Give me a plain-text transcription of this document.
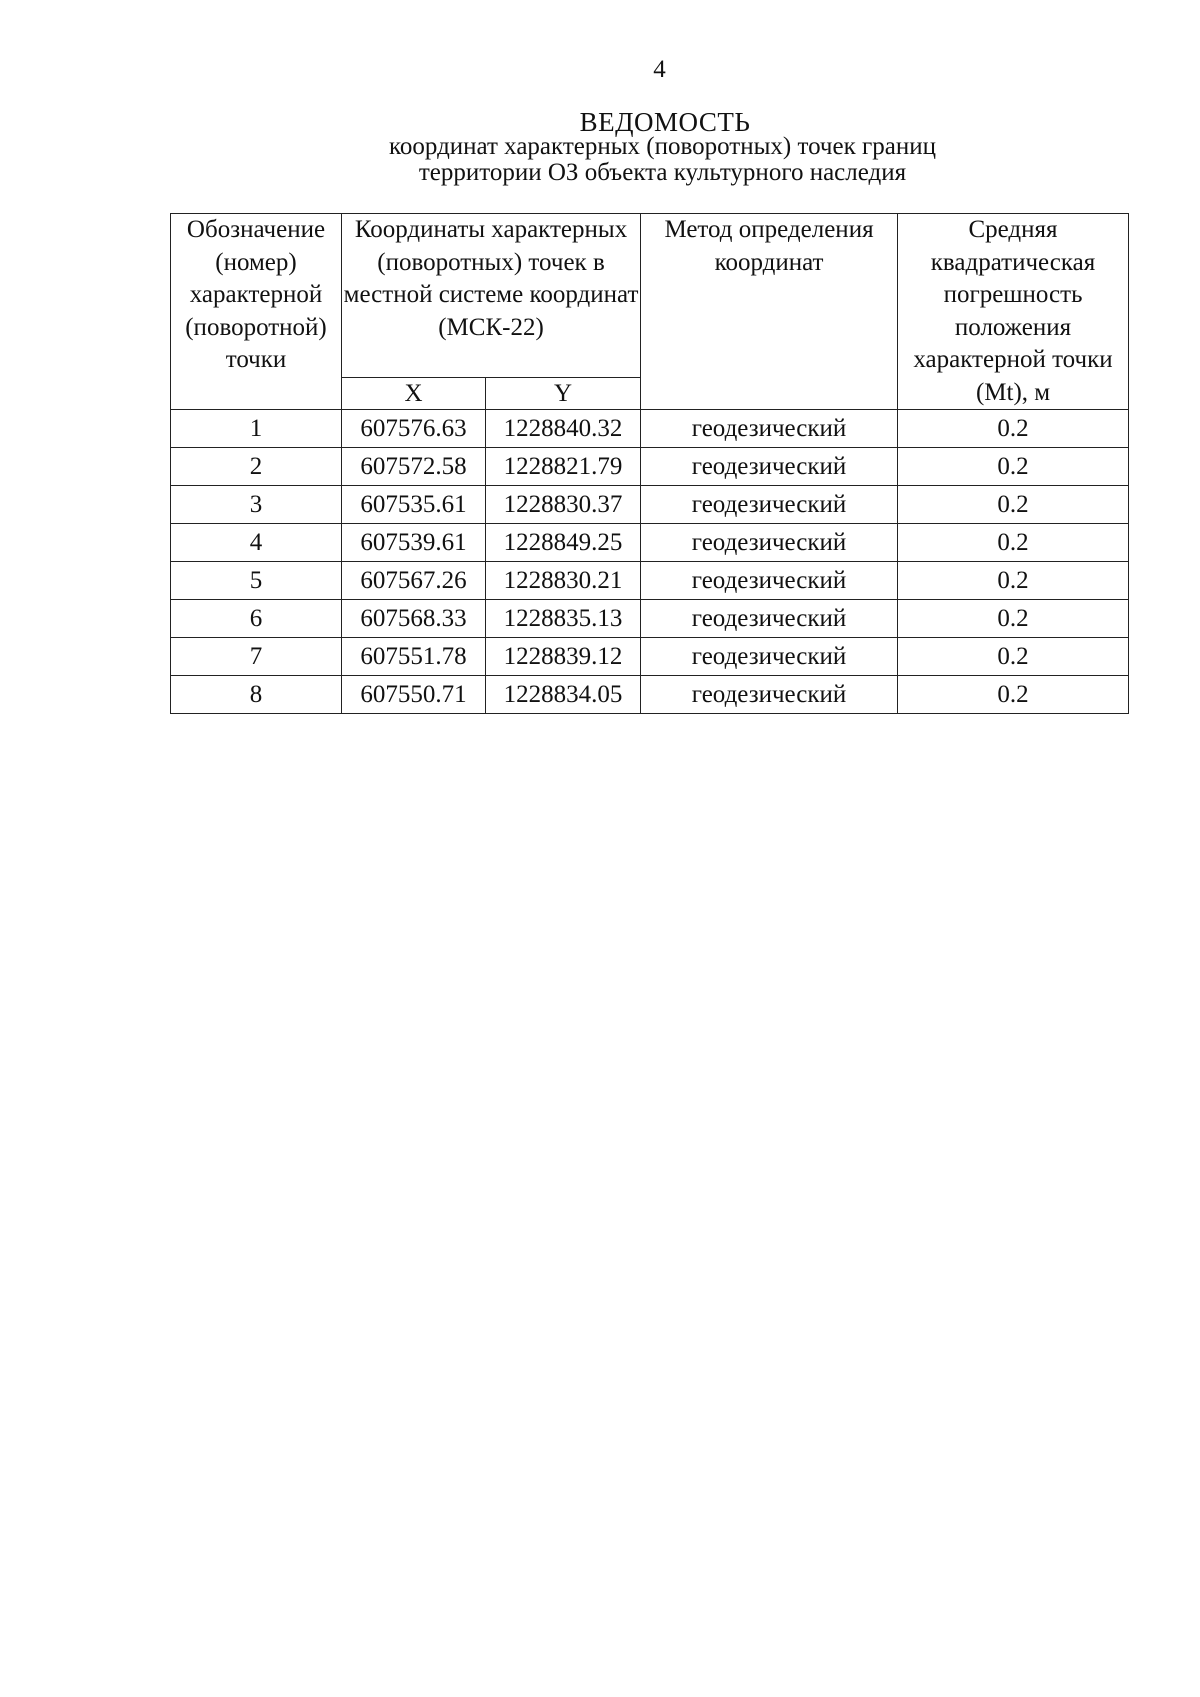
4
ВЕДОМОСТЬ
координат характерных (поворотных) точек границ
территории ОЗ объекта культурного наследия
Обозначение (номер) характерной (поворотной) точки	Координаты характерных (поворотных) точек в местной системе координат (МСК-22)		Метод определения координат	Средняя квадратическая погрешность положения характерной точки (Mt), м
	X	Y		
1	607576.63	1228840.32	геодезический	0.2
2	607572.58	1228821.79	геодезический	0.2
3	607535.61	1228830.37	геодезический	0.2
4	607539.61	1228849.25	геодезический	0.2
5	607567.26	1228830.21	геодезический	0.2
6	607568.33	1228835.13	геодезический	0.2
7	607551.78	1228839.12	геодезический	0.2
8	607550.71	1228834.05	геодезический	0.2
